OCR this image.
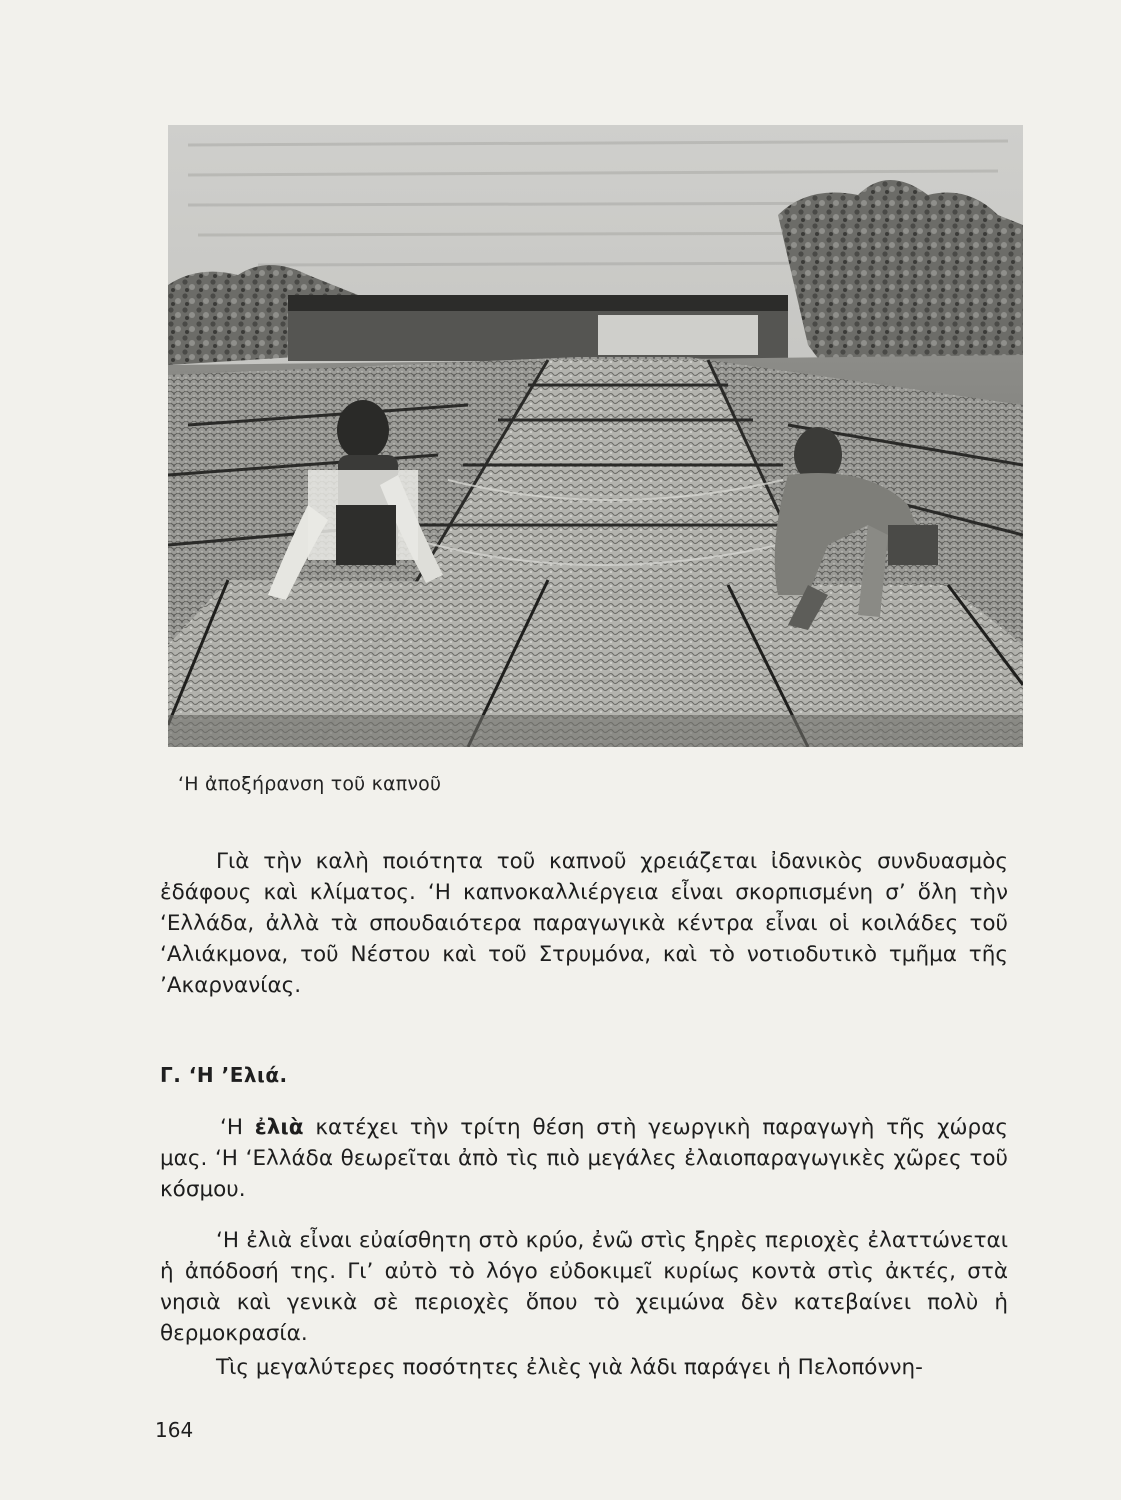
‘Η ἀποξήρανση τοῦ καπνοῦ

Γιὰ τὴν καλὴ ποιότητα τοῦ καπνοῦ χρειάζεται ἰδανικὸς συνδυασμὸς ἐδάφους καὶ κλίματος. ‘Η καπνοκαλλιέργεια εἶναι σκορπισμένη σ’ ὅλη τὴν ‘Ελλάδα, ἀλλὰ τὰ σπουδαιότερα παραγωγικὰ κέντρα εἶναι οἱ κοιλάδες τοῦ ‘Αλιάκμονα, τοῦ Νέστου καὶ τοῦ Στρυμόνα, καὶ τὸ νοτιοδυτικὸ τμῆμα τῆς ’Ακαρνανίας.

Γ. ‘Η ’Ελιά.

‘Η ἐλιὰ κατέχει τὴν τρίτη θέση στὴ γεωργικὴ παραγωγὴ τῆς χώρας μας. ‘Η ‘Ελλάδα θεωρεῖται ἀπὸ τὶς πιὸ μεγάλες ἐλαιοπαραγωγικὲς χῶρες τοῦ κόσμου.

‘Η ἐλιὰ εἶναι εὐαίσθητη στὸ κρύο, ἐνῶ στὶς ξηρὲς περιοχὲς ἐλαττώνεται ἡ ἀπόδοσή της. Γι’ αὐτὸ τὸ λόγο εὐδοκιμεῖ κυρίως κοντὰ στὶς ἀκτές, στὰ νησιὰ καὶ γενικὰ σὲ περιοχὲς ὅπου τὸ χειμώνα δὲν κατεβαίνει πολὺ ἡ θερμοκρασία.

Τὶς μεγαλύτερες ποσότητες ἐλιὲς γιὰ λάδι παράγει ἡ Πελοπόννη-

164
